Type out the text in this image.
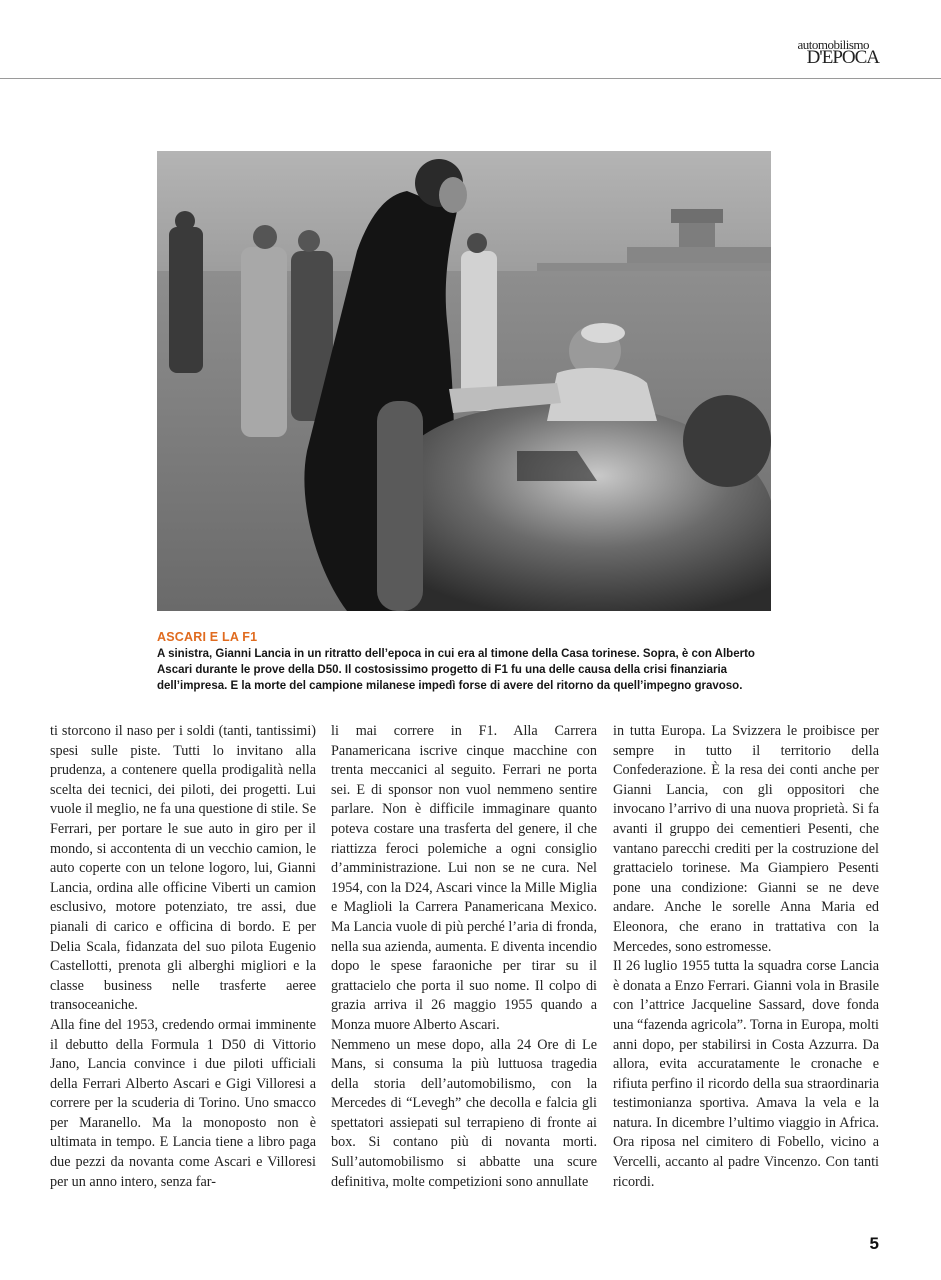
automobilismo
D'EPOCA
ASCARI E LA F1
A sinistra, Gianni Lancia in un ritratto dell’epoca in cui era al timone della Casa torinese. Sopra, è con Alberto Ascari durante le prove della D50. Il costosissimo progetto di F1 fu una delle causa della crisi finanziaria dell’impresa. E la morte del campione milanese impedì forse di avere del ritorno da quell’impegno gravoso.

ti storcono il naso per i soldi (tanti, tantissimi) spesi sulle piste. Tutti lo invitano alla prudenza, a contenere quella prodigalità nella scelta dei tecnici, dei piloti, dei progetti. Lui vuole il meglio, ne fa una questione di stile. Se Ferrari, per portare le sue auto in giro per il mondo, si accontenta di un vecchio camion, le auto coperte con un telone logoro, lui, Gianni Lancia, ordina alle officine Viberti un camion esclusivo, motore potenziato, tre assi, due pianali di carico e officina di bordo. E per Delia Scala, fidanzata del suo pilota Eugenio Castellotti, prenota gli alberghi migliori e la classe business nelle trasferte aeree transoceaniche.

Alla fine del 1953, credendo ormai imminente il debutto della Formula 1 D50 di Vittorio Jano, Lancia convince i due piloti ufficiali della Ferrari Alberto Ascari e Gigi Villoresi a correre per la scuderia di Torino. Uno smacco per Maranello. Ma la monoposto non è ultimata in tempo. E Lancia tiene a libro paga due pezzi da novanta come Ascari e Villoresi per un anno intero, senza far-

li mai correre in F1. Alla Carrera Panamericana iscrive cinque macchine con trenta meccanici al seguito. Ferrari ne porta sei. E di sponsor non vuol nemmeno sentire parlare. Non è difficile immaginare quanto poteva costare una trasferta del genere, il che riattizza feroci polemiche a ogni consiglio d’amministrazione. Lui non se ne cura. Nel 1954, con la D24, Ascari vince la Mille Miglia e Maglioli la Carrera Panamericana Mexico. Ma Lancia vuole di più perché l’aria di fronda, nella sua azienda, aumenta. E diventa incendio dopo le spese faraoniche per tirar su il grattacielo che porta il suo nome. Il colpo di grazia arriva il 26 maggio 1955 quando a Monza muore Alberto Ascari.

Nemmeno un mese dopo, alla 24 Ore di Le Mans, si consuma la più luttuosa tragedia della storia dell’automobilismo, con la Mercedes di “Levegh” che decolla e falcia gli spettatori assiepati sul terrapieno di fronte ai box. Si contano più di novanta morti. Sull’automobilismo si abbatte una scure definitiva, molte competizioni sono annullate

in tutta Europa. La Svizzera le proibisce per sempre in tutto il territorio della Confederazione. È la resa dei conti anche per Gianni Lancia, con gli oppositori che invocano l’arrivo di una nuova proprietà. Si fa avanti il gruppo dei cementieri Pesenti, che vantano parecchi crediti per la costruzione del grattacielo torinese. Ma Giampiero Pesenti pone una condizione: Gianni se ne deve andare. Anche le sorelle Anna Maria ed Eleonora, che erano in trattativa con la Mercedes, sono estromesse.

Il 26 luglio 1955 tutta la squadra corse Lancia è donata a Enzo Ferrari. Gianni vola in Brasile con l’attrice Jacqueline Sassard, dove fonda una “fazenda agricola”. Torna in Europa, molti anni dopo, per stabilirsi in Costa Azzurra. Da allora, evita accuratamente le cronache e rifiuta perfino il ricordo della sua straordinaria testimonianza sportiva. Amava la vela e la natura. In dicembre l’ultimo viaggio in Africa. Ora riposa nel cimitero di Fobello, vicino a Vercelli, accanto al padre Vincenzo. Con tanti ricordi.

5
